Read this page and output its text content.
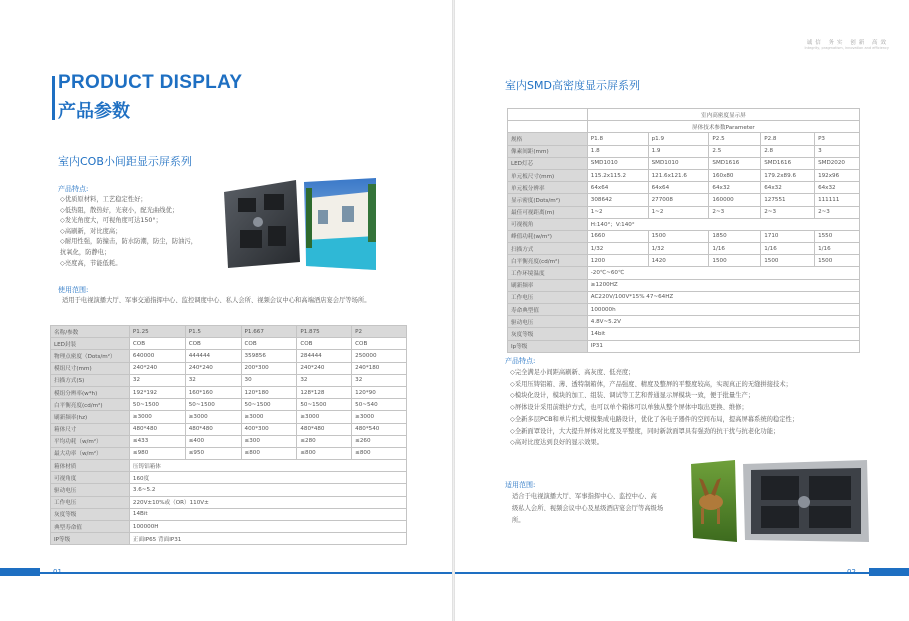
PRODUCT DISPLAY
产品参数
室内COB小间距显示屏系列
产品特点:
◇优质原材料，工艺稳定性好；
◇低热阻，散热好，光衰小，配光曲线优；
◇发光角度大，可视角度可达150°；
◇高刷新，对比度高；
◇耐用性强，防撞击，防水防潮，防尘，防油污，
抗氧化，防静电；
◇亮度高，节能低耗。
使用范围:
适用于电视演播大厅、军事交通指挥中心、监控调度中心、私人会所、视频会议中心和高端酒店宴会厅等场所。
名称/参数	P1.25	P1.5	P1.667	P1.875	P2
LED封装	COB	COB	COB	COB	COB
物理点密度（Dots/m²）	640000	444444	359856	284444	250000
模组尺寸(mm)	240*240	240*240	200*300	240*240	240*180
扫描方式(S)	32	32	30	32	32
模组分辨率(w*h)	192*192	160*160	120*180	128*128	120*90
白平衡亮度(cd/m²)	50~1500	50~1500	50~1500	50~1500	50~540
刷新频率(hz)	≥3000	≥3000	≥3000	≥3000	≥3000
箱体尺寸	480*480	480*480	400*300	480*480	480*540
平均功耗（w/m²）	≤433	≤400	≤300	≤280	≤260
最大功率（w/m²）	≤980	≤950	≤800	≤800	≤800
箱体材质	压铸铝箱体				
可视角度	160度				
驱动电压	3.6~5.2				
工作电压	220V±10%或（OR）110V±				
灰度等级	14Bit				
典型寿命值	100000H				
IP等级	正面IP65 背面IP31				
01
诚信 务实 创新 高效
Integrity, pragmatism, innovation and efficiency
室内SMD高密度显示屏系列
	室内高密度显示屏				
	屏体技术参数Parameter				
规格	P1.8	p1.9	P2.5	P2.8	P3
像素间距(mm)	1.8	1.9	2.5	2.8	3
LED灯芯	SMD1010	SMD1010	SMD1616	SMD1616	SMD2020
单元板尺寸(mm)	115.2x115.2	121.6x121.6	160x80	179.2x89.6	192x96
单元板分辨率	64x64	64x64	64x32	64x32	64x32
显示密度(Dots/m²)	308642	277008	160000	127551	111111
最佳可视距离(m)	1~2	1~2	2~3	2~3	2~3
可视视角	H:140°；V:140°				
峰值功耗(w/m²)	1660	1500	1850	1710	1550
扫描方式	1/32	1/32	1/16	1/16	1/16
白平衡亮度(cd/m²)	1200	1420	1500	1500	1500
工作环境温度	-20℃~60℃				
刷新频率	≥1200HZ				
工作电压	AC220V/100V*15% 47~64HZ				
寿命典型值	100000h				
驱动电压	4.8V~5.2V				
灰度等级	14bit				
Ip等级	IP31				
产品特点:
◇完全满足小间距高刷新、高灰度、低亮度；
◇采用压铸铝箱、薄、透特制箱体，产品强度、精度及整屏的平整度较高，实现真正的无缝拼接技术；
◇模块化设计，模块的加工、组装、调试等工艺和普通显示屏模块一致，便于批量生产；
◇屏体设计采用前维护方式，也可以单个箱体可以单独从整个屏体中取出更换、维修；
◇全新多层PCB和单片机大规模集成电路设计，优化了各电子器件的空间布局，提高屏幕系统的稳定性；
◇全新面罩设计，大大提升屏体对比度及平整度，同时新款面罩具有强劲的抗干扰与抗老化功能；
◇高对比度达到良好的显示效果。
适用范围:
适合于电视演播大厅、军事指挥中心、监控中心、高
级私人会所、视频会议中心及星级酒店宴会厅等高级场
所。
02
